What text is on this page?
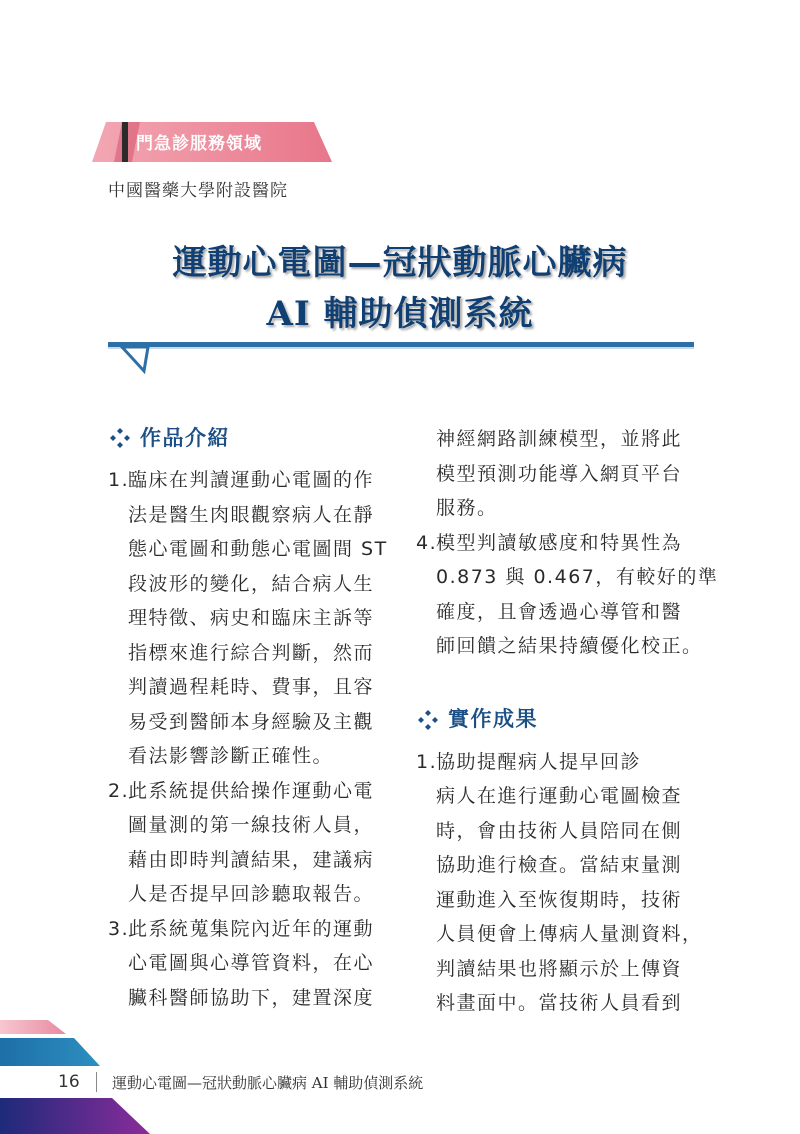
門急診服務領域
中國醫藥大學附設醫院
運動心電圖—冠狀動脈心臟病
AI 輔助偵測系統
作品介紹
1.
臨床在判讀運動心電圖的作
法是醫生肉眼觀察病人在靜
態心電圖和動態心電圖間 ST
段波形的變化，結合病人生
理特徵、病史和臨床主訴等
指標來進行綜合判斷，然而
判讀過程耗時、費事，且容
易受到醫師本身經驗及主觀
看法影響診斷正確性。
2.
此系統提供給操作運動心電
圖量測的第一線技術人員，
藉由即時判讀結果，建議病
人是否提早回診聽取報告。
3.
此系統蒐集院內近年的運動
心電圖與心導管資料，在心
臟科醫師協助下，建置深度
神經網路訓練模型，並將此
模型預測功能導入網頁平台
服務。
4.
模型判讀敏感度和特異性為
0.873 與 0.467，有較好的準
確度，且會透過心導管和醫
師回饋之結果持續優化校正。
實作成果
1.
協助提醒病人提早回診
病人在進行運動心電圖檢查
時，會由技術人員陪同在側
協助進行檢查。當結束量測
運動進入至恢復期時，技術
人員便會上傳病人量測資料，
判讀結果也將顯示於上傳資
料畫面中。當技術人員看到
16 運動心電圖—冠狀動脈心臟病 AI 輔助偵測系統
